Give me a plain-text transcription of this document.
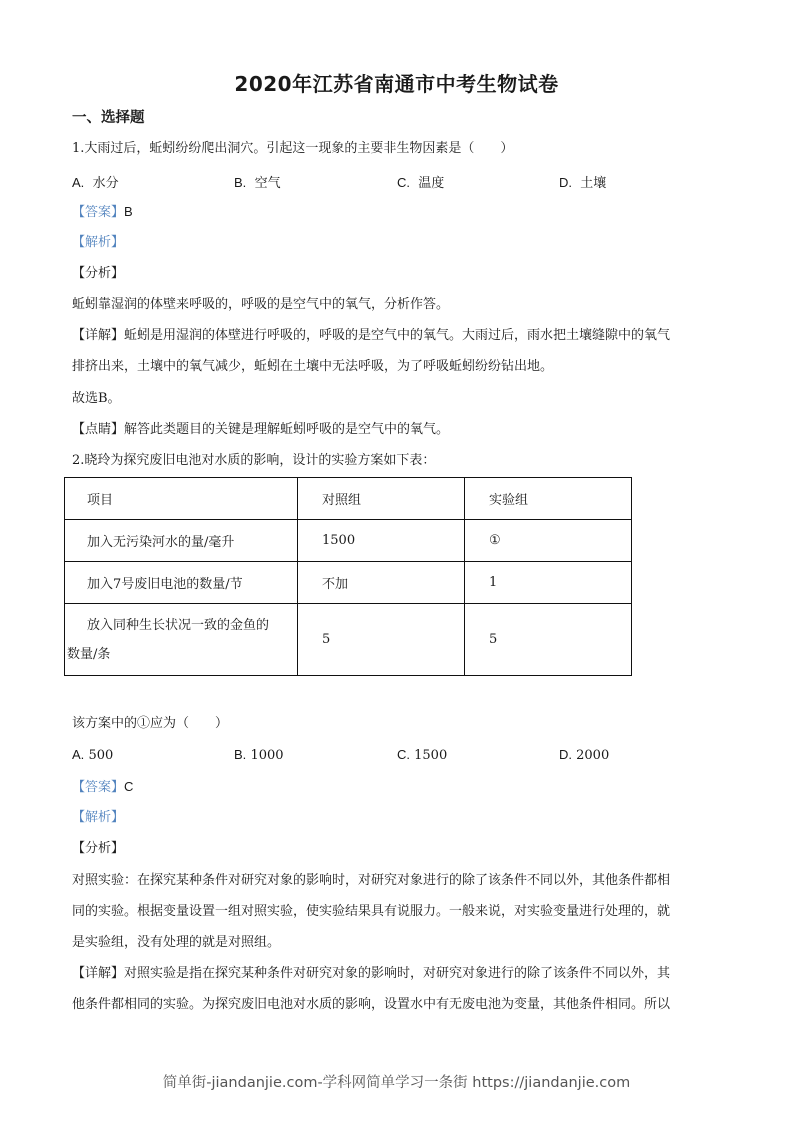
2020年江苏省南通市中考生物试卷
一、选择题
1.大雨过后，蚯蚓纷纷爬出洞穴。引起这一现象的主要非生物因素是（　　）
A. 水分	B. 空气	C. 温度	D. 土壤
【答案】B
【解析】
【分析】
蚯蚓靠湿润的体壁来呼吸的，呼吸的是空气中的氧气，分析作答。
【详解】蚯蚓是用湿润的体壁进行呼吸的，呼吸的是空气中的氧气。大雨过后，雨水把土壤缝隙中的氧气
排挤出来，土壤中的氧气减少，蚯蚓在土壤中无法呼吸，为了呼吸蚯蚓纷纷钻出地。
故选B。
【点睛】解答此类题目的关键是理解蚯蚓呼吸的是空气中的氧气。
2.晓玲为探究废旧电池对水质的影响，设计的实验方案如下表：
项目	对照组	实验组
加入无污染河水的量/毫升	1500	①
加入7号废旧电池的数量/节	不加	1

放入同种生长状况一致的金鱼的
数量/条	5	5
该方案中的①应为（　　）
A. 500	B. 1000	C. 1500	D. 2000
【答案】C
【解析】
【分析】
对照实验：在探究某种条件对研究对象的影响时，对研究对象进行的除了该条件不同以外，其他条件都相
同的实验。根据变量设置一组对照实验，使实验结果具有说服力。一般来说，对实验变量进行处理的，就
是实验组，没有处理的就是对照组。
【详解】对照实验是指在探究某种条件对研究对象的影响时，对研究对象进行的除了该条件不同以外，其
他条件都相同的实验。为探究废旧电池对水质的影响，设置水中有无废电池为变量，其他条件相同。所以
简单街-jiandanjie.com-学科网简单学习一条街 https://jiandanjie.com
